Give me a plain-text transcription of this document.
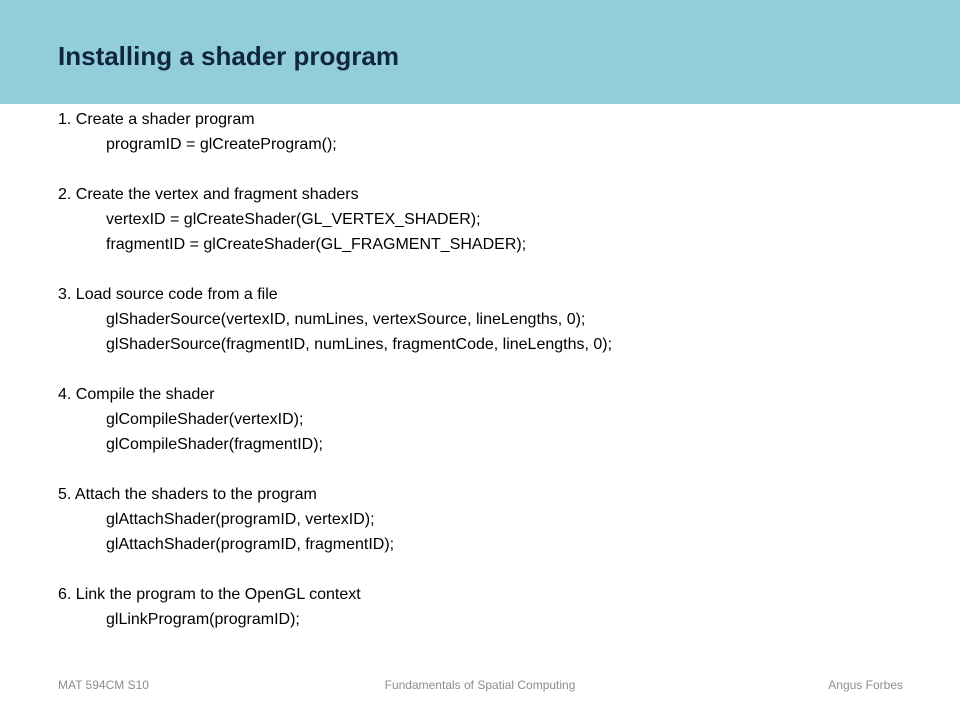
Installing a shader program
1. Create a shader program
programID = glCreateProgram();
2. Create the vertex and fragment shaders
vertexID = glCreateShader(GL_VERTEX_SHADER);
fragmentID = glCreateShader(GL_FRAGMENT_SHADER);
3. Load source code from a file
glShaderSource(vertexID, numLines, vertexSource, lineLengths, 0);
glShaderSource(fragmentID, numLines, fragmentCode, lineLengths, 0);
4. Compile the shader
glCompileShader(vertexID);
glCompileShader(fragmentID);
5. Attach the shaders to the program
glAttachShader(programID, vertexID);
glAttachShader(programID, fragmentID);
6. Link the program to the OpenGL context
glLinkProgram(programID);
MAT 594CM S10	Fundamentals of Spatial Computing	Angus Forbes
